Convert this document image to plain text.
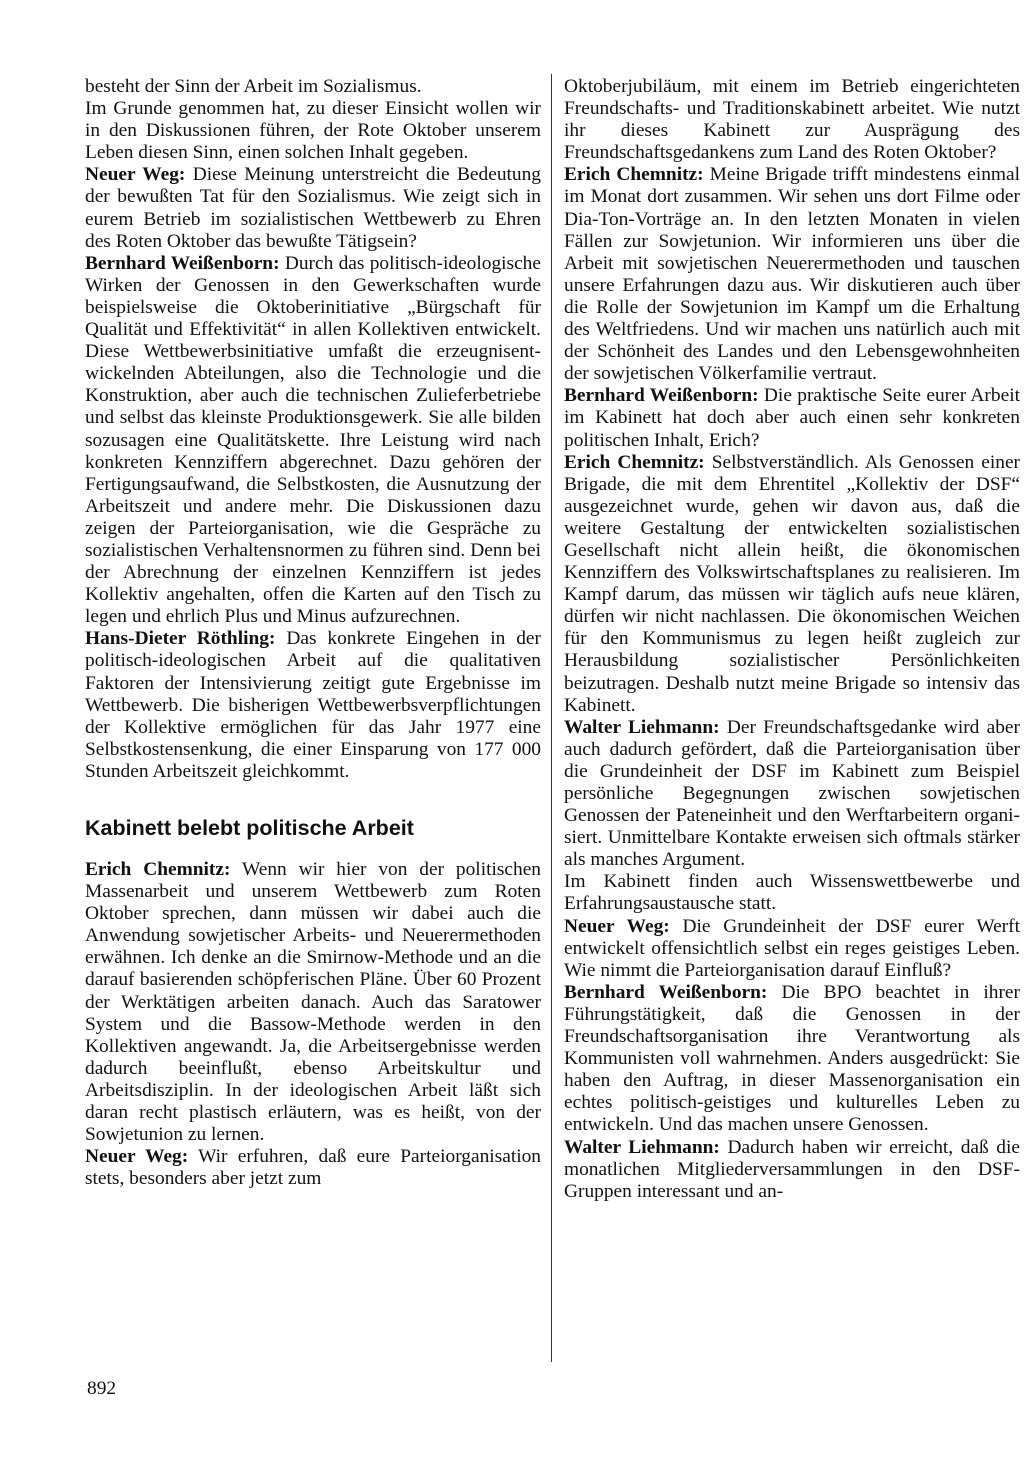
besteht der Sinn der Arbeit im Sozialismus.

Im Grunde genommen hat, zu dieser Einsicht wollen wir in den Diskussionen führen, der Rote Oktober unserem Leben diesen Sinn, einen solchen Inhalt gegeben.

Neuer Weg: Diese Meinung unterstreicht die Bedeutung der bewußten Tat für den Sozialismus. Wie zeigt sich in eurem Betrieb im sozialistischen Wettbewerb zu Ehren des Roten Oktober das bewußte Tätigsein?

Bernhard Weißenborn: Durch das politisch-ideologische Wirken der Genossen in den Gewerkschaften wurde beispielsweise die Oktoberinitiative „Bürgschaft für Qualität und Effektivität“ in allen Kollektiven entwickelt. Diese Wettbewerbsinitiative umfaßt die erzeugnisentwickelnden Abteilungen, also die Technologie und die Konstruktion, aber auch die technischen Zulieferbetriebe und selbst das kleinste Produktionsgewerk. Sie alle bilden sozusagen eine Qualitätskette. Ihre Leistung wird nach konkreten Kennziffern abgerechnet. Dazu gehören der Fertigungsaufwand, die Selbstkosten, die Ausnutzung der Arbeitszeit und andere mehr. Die Diskussionen dazu zeigen der Parteiorganisation, wie die Gespräche zu sozialistischen Verhaltensnormen zu führen sind. Denn bei der Abrechnung der einzelnen Kennziffern ist jedes Kollektiv angehalten, offen die Karten auf den Tisch zu legen und ehrlich Plus und Minus aufzurechnen.

Hans-Dieter Röthling: Das konkrete Eingehen in der politisch-ideologischen Arbeit auf die qualitativen Faktoren der Intensivierung zeitigt gute Ergebnisse im Wettbewerb. Die bisherigen Wettbewerbsverpflichtungen der Kollektive ermöglichen für das Jahr 1977 eine Selbstkostensenkung, die einer Einsparung von 177 000 Stunden Arbeitszeit gleichkommt.

Kabinett belebt politische Arbeit

Erich Chemnitz: Wenn wir hier von der politischen Massenarbeit und unserem Wettbewerb zum Roten Oktober sprechen, dann müssen wir dabei auch die Anwendung sowjetischer Arbeits- und Neuerermethoden erwähnen. Ich denke an die Smirnow-Methode und an die darauf basierenden schöpferischen Pläne. Über 60 Prozent der Werktätigen arbeiten danach. Auch das Saratower System und die Bassow-Methode werden in den Kollektiven angewandt. Ja, die Arbeitsergebnisse werden dadurch beeinflußt, ebenso Arbeitskultur und Arbeitsdisziplin. In der ideologischen Arbeit läßt sich daran recht plastisch erläutern, was es heißt, von der Sowjetunion zu lernen.

Neuer Weg: Wir erfuhren, daß eure Parteiorganisation stets, besonders aber jetzt zum

Oktoberjubiläum, mit einem im Betrieb eingerichteten Freundschafts- und Traditionskabinett arbeitet. Wie nutzt ihr dieses Kabinett zur Ausprägung des Freundschaftsgedankens zum Land des Roten Oktober?

Erich Chemnitz: Meine Brigade trifft mindestens einmal im Monat dort zusammen. Wir sehen uns dort Filme oder Dia-Ton-Vorträge an. In den letzten Monaten in vielen Fällen zur Sowjetunion. Wir informieren uns über die Arbeit mit sowjetischen Neuerermethoden und tauschen unsere Erfahrungen dazu aus. Wir diskutieren auch über die Rolle der Sowjetunion im Kampf um die Erhaltung des Weltfriedens. Und wir machen uns natürlich auch mit der Schönheit des Landes und den Lebensgewohnheiten der sowjetischen Völkerfamilie vertraut.

Bernhard Weißenborn: Die praktische Seite eurer Arbeit im Kabinett hat doch aber auch einen sehr konkreten politischen Inhalt, Erich?

Erich Chemnitz: Selbstverständlich. Als Genossen einer Brigade, die mit dem Ehrentitel „Kollektiv der DSF“ ausgezeichnet wurde, gehen wir davon aus, daß die weitere Gestaltung der entwickelten sozialistischen Gesellschaft nicht allein heißt, die ökonomischen Kennziffern des Volkswirtschaftsplanes zu realisieren. Im Kampf darum, das müssen wir täglich aufs neue klären, dürfen wir nicht nachlassen. Die ökonomischen Weichen für den Kommunismus zu legen heißt zugleich zur Herausbildung sozialistischer Persönlichkeiten beizutragen. Deshalb nutzt meine Brigade so intensiv das Kabinett.

Walter Liehmann: Der Freundschaftsgedanke wird aber auch dadurch gefördert, daß die Parteiorganisation über die Grundeinheit der DSF im Kabinett zum Beispiel persönliche Begegnungen zwischen sowjetischen Genossen der Pateneinheit und den Werftarbeitern organisiert. Unmittelbare Kontakte erweisen sich oftmals stärker als manches Argument.

Im Kabinett finden auch Wissenswettbewerbe und Erfahrungsaustausche statt.

Neuer Weg: Die Grundeinheit der DSF eurer Werft entwickelt offensichtlich selbst ein reges geistiges Leben. Wie nimmt die Parteiorganisation darauf Einfluß?

Bernhard Weißenborn: Die BPO beachtet in ihrer Führungstätigkeit, daß die Genossen in der Freundschaftsorganisation ihre Verantwortung als Kommunisten voll wahrnehmen. Anders ausgedrückt: Sie haben den Auftrag, in dieser Massenorganisation ein echtes politisch-geistiges und kulturelles Leben zu entwickeln. Und das machen unsere Genossen.

Walter Liehmann: Dadurch haben wir erreicht, daß die monatlichen Mitgliederversammlungen in den DSF-Gruppen interessant und an-

892
